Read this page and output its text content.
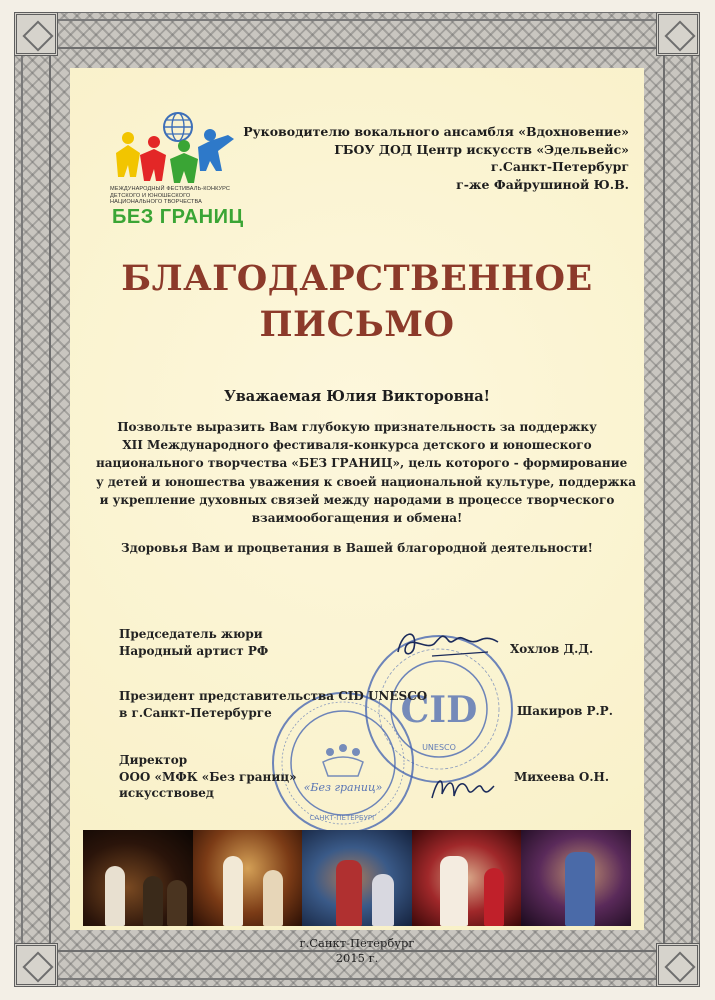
МЕЖДУНАРОДНЫЙ ФЕСТИВАЛЬ-КОНКУРС
ДЕТСКОГО И ЮНОШЕСКОГО
НАЦИОНАЛЬНОГО ТВОРЧЕСТВА
БЕЗ ГРАНИЦ
Руководителю вокального ансамбля «Вдохновение»
ГБОУ ДОД Центр искусств «Эдельвейс»
г.Санкт-Петербург
г-же Файрушиной Ю.В.
БЛАГОДАРСТВЕННОЕ
ПИСЬМО
Уважаемая Юлия Викторовна!
Позвольте выразить Вам глубокую признательность за поддержку
XII Международного фестиваля-конкурса детского и юношеского
национального творчества «БЕЗ ГРАНИЦ», цель которого - формирование
у детей и юношества уважения к своей национальной культуре, поддержка
и укрепление духовных связей между народами в процессе творческого
взаимообогащения и обмена!
Здоровья Вам и процветания в Вашей благородной деятельности!
«Без границ»
САНКТ-ПЕТЕРБУРГ
CID
UNESCO
Председатель жюри
Народный артист РФ	Хохлов Д.Д.
Президент представительства CID UNESCO
в г.Санкт-Петербурге	Шакиров Р.Р.
Директор
ООО «МФК «Без границ»
искусствовед
Михеева О.Н.
г.Санкт-Петербург
2015 г.
